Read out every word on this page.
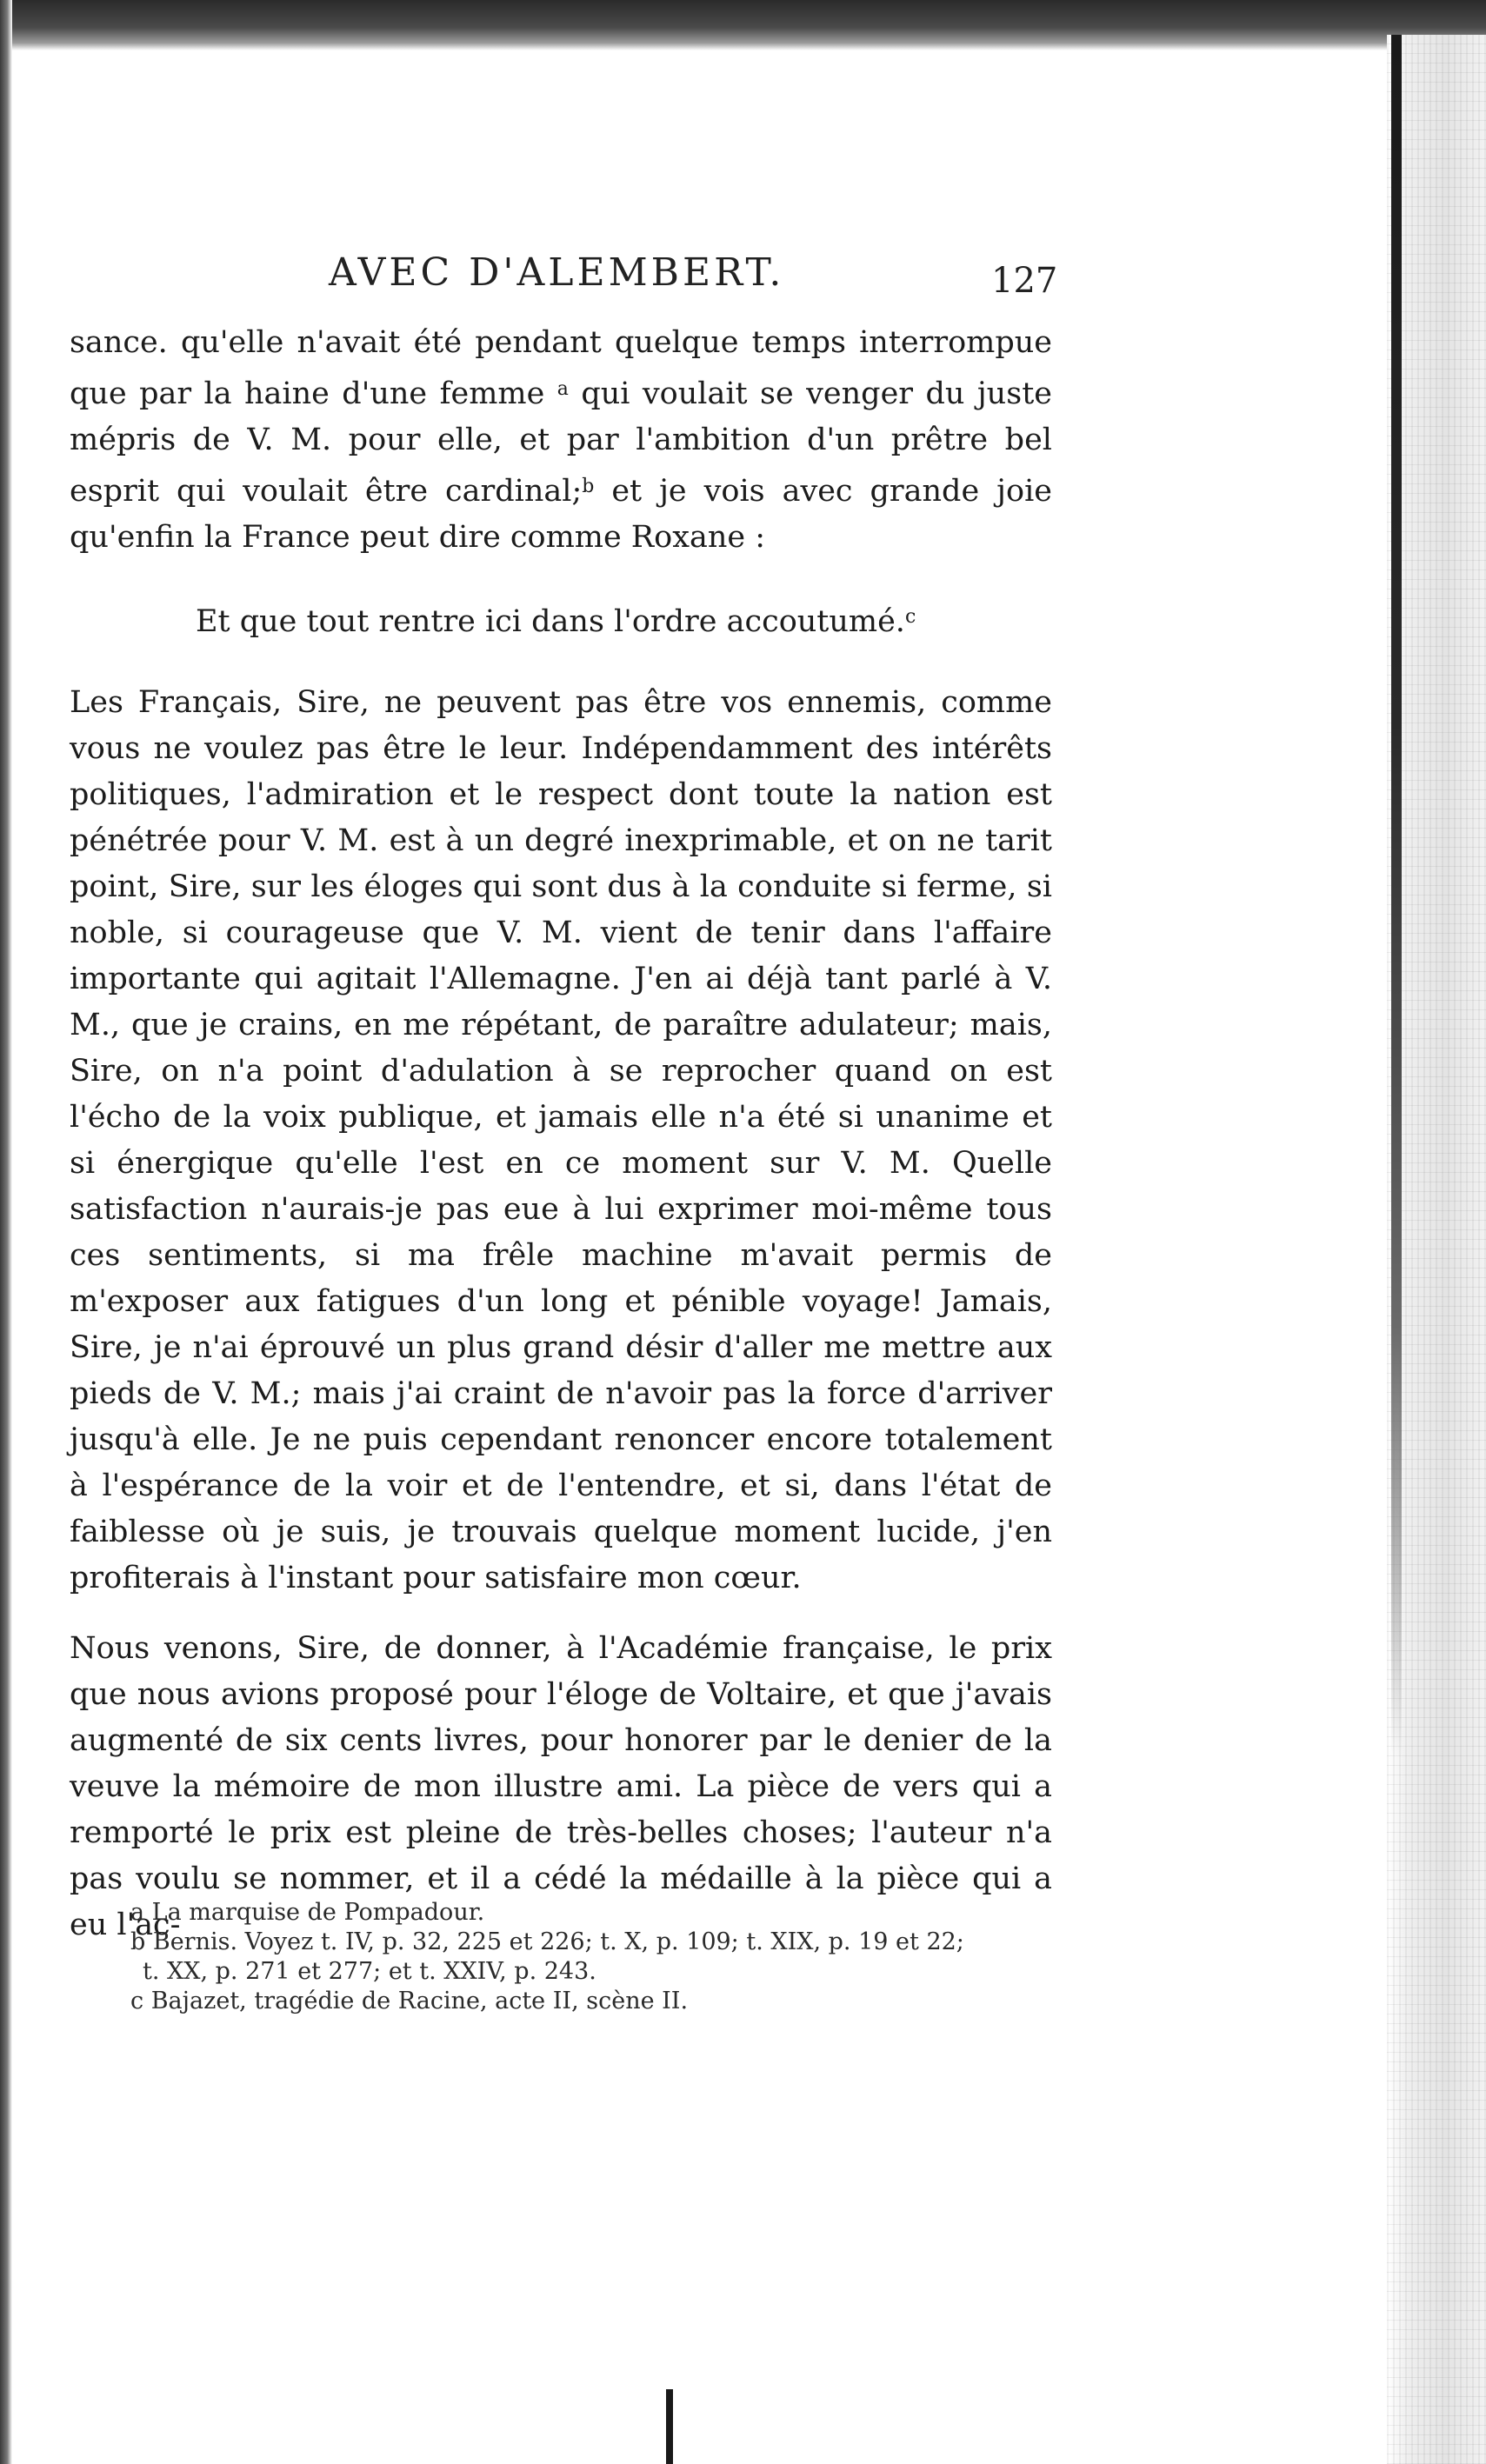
AVEC D'ALEMBERT.	127

sance. qu'elle n'avait été pendant quelque temps interrompue que par la haine d'une femme $^a$ qui voulait se venger du juste mépris de V. M. pour elle, et par l'ambition d'un prêtre bel esprit qui voulait être cardinal;$^b$ et je vois avec grande joie qu'enfin la France peut dire comme Roxane :

Et que tout rentre ici dans l'ordre accoutumé.$^c$

Les Français, Sire, ne peuvent pas être vos ennemis, comme vous ne voulez pas être le leur. Indépendamment des intérêts politiques, l'admiration et le respect dont toute la nation est pénétrée pour V. M. est à un degré inexprimable, et on ne tarit point, Sire, sur les éloges qui sont dus à la conduite si ferme, si noble, si courageuse que V. M. vient de tenir dans l'affaire importante qui agitait l'Allemagne. J'en ai déjà tant parlé à V. M., que je crains, en me répétant, de paraître adulateur; mais, Sire, on n'a point d'adulation à se reprocher quand on est l'écho de la voix publique, et jamais elle n'a été si unanime et si énergique qu'elle l'est en ce moment sur V. M. Quelle satisfaction n'aurais-je pas eue à lui exprimer moi-même tous ces sentiments, si ma frêle machine m'avait permis de m'exposer aux fatigues d'un long et pénible voyage! Jamais, Sire, je n'ai éprouvé un plus grand désir d'aller me mettre aux pieds de V. M.; mais j'ai craint de n'avoir pas la force d'arriver jusqu'à elle. Je ne puis cependant renoncer encore totalement à l'espérance de la voir et de l'entendre, et si, dans l'état de faiblesse où je suis, je trouvais quelque moment lucide, j'en profiterais à l'instant pour satisfaire mon cœur.

Nous venons, Sire, de donner, à l'Académie française, le prix que nous avions proposé pour l'éloge de Voltaire, et que j'avais augmenté de six cents livres, pour honorer par le denier de la veuve la mémoire de mon illustre ami. La pièce de vers qui a remporté le prix est pleine de très-belles choses; l'auteur n'a pas voulu se nommer, et il a cédé la médaille à la pièce qui a eu l'ac-

a La marquise de Pompadour.

b Bernis. Voyez t. IV, p. 32, 225 et 226; t. X, p. 109; t. XIX, p. 19 et 22;

t. XX, p. 271 et 277; et t. XXIV, p. 243.

c Bajazet, tragédie de Racine, acte II, scène II.
